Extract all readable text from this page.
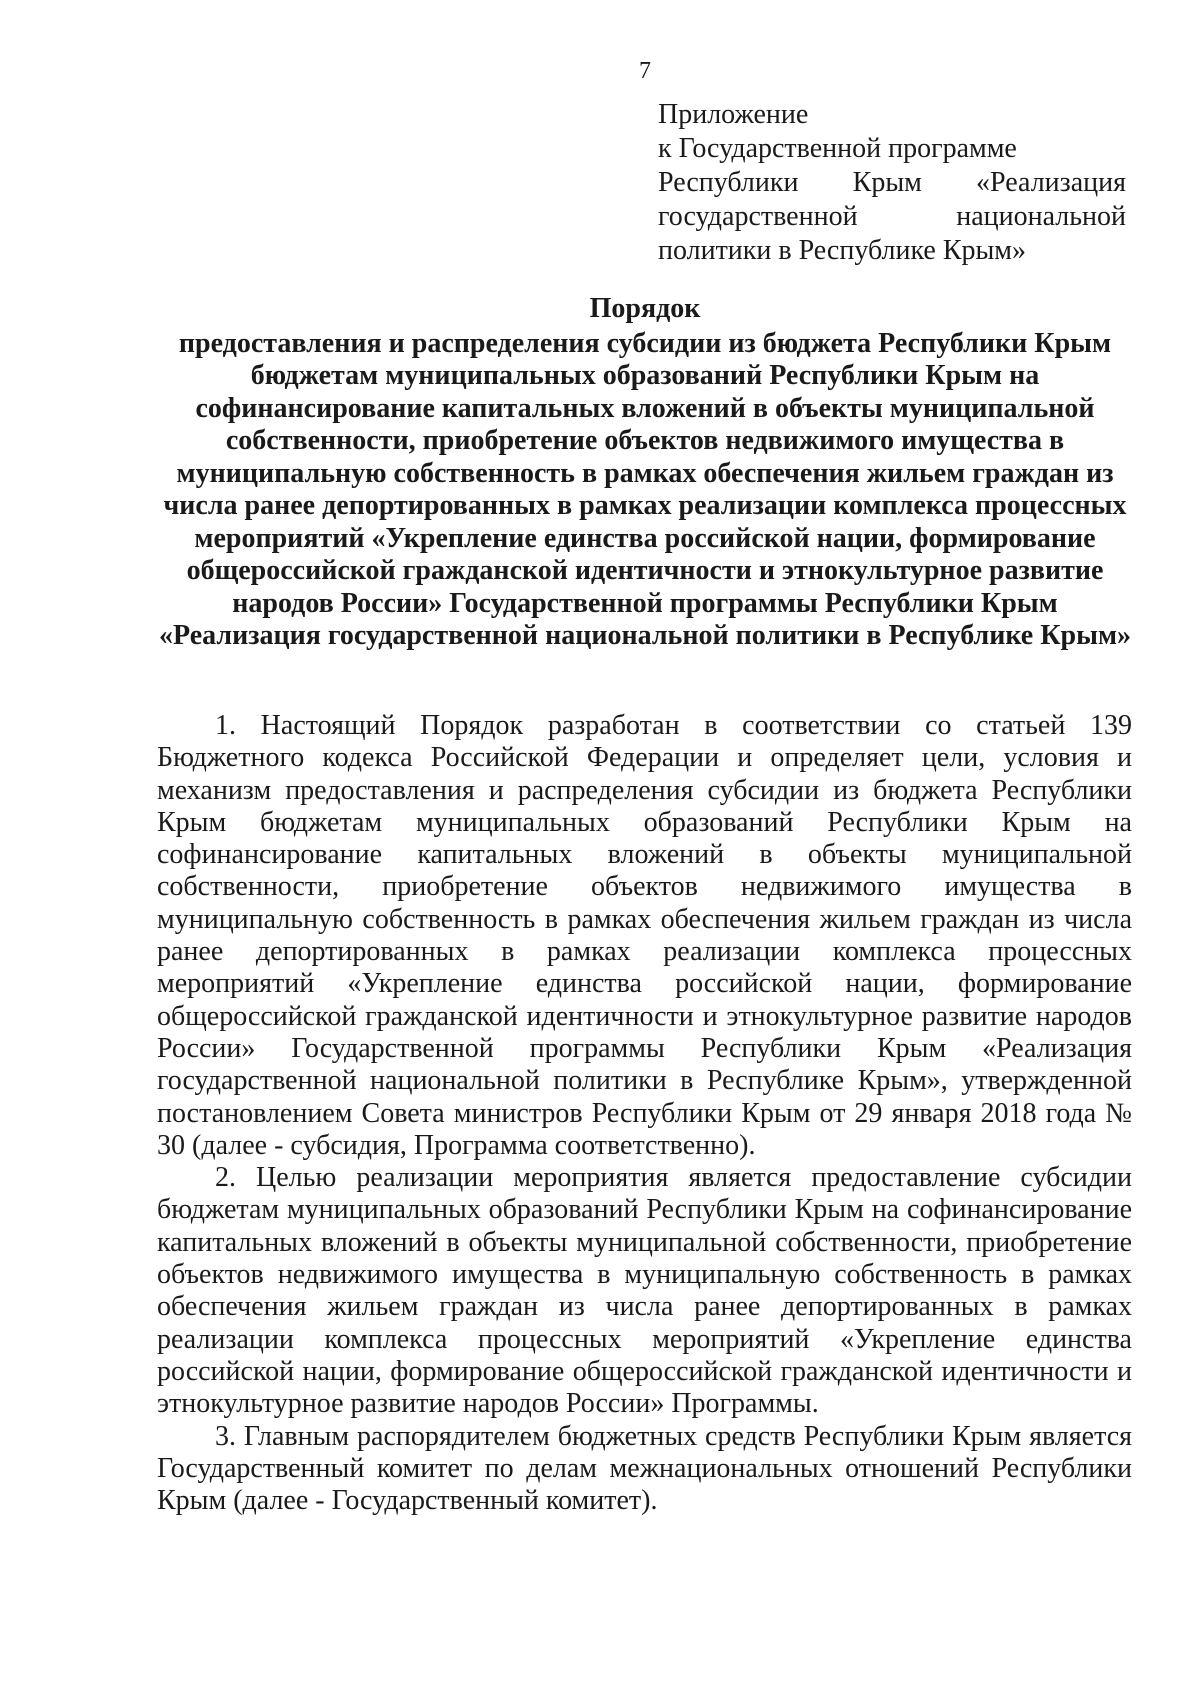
7
Приложение
к Государственной программе
Республики Крым «Реализация
государственной национальной
политики в Республике Крым»
Порядок
предоставления и распределения субсидии из бюджета Республики Крым бюджетам муниципальных образований Республики Крым на софинансирование капитальных вложений в объекты муниципальной собственности, приобретение объектов недвижимого имущества в муниципальную собственность в рамках обеспечения жильем граждан из числа ранее депортированных в рамках реализации комплекса процессных мероприятий «Укрепление единства российской нации, формирование общероссийской гражданской идентичности и этнокультурное развитие народов России» Государственной программы Республики Крым «Реализация государственной национальной политики в Республике Крым»

1. Настоящий Порядок разработан в соответствии со статьей 139 Бюджетного кодекса Российской Федерации и определяет цели, условия и механизм предоставления и распределения субсидии из бюджета Республики Крым бюджетам муниципальных образований Республики Крым на софинансирование капитальных вложений в объекты муниципальной собственности, приобретение объектов недвижимого имущества в муниципальную собственность в рамках обеспечения жильем граждан из числа ранее депортированных в рамках реализации комплекса процессных мероприятий «Укрепление единства российской нации, формирование общероссийской гражданской идентичности и этнокультурное развитие народов России» Государственной программы Республики Крым «Реализация государственной национальной политики в Республике Крым», утвержденной постановлением Совета министров Республики Крым от 29 января 2018 года № 30 (далее - субсидия, Программа соответственно).

2. Целью реализации мероприятия является предоставление субсидии бюджетам муниципальных образований Республики Крым на софинансирование капитальных вложений в объекты муниципальной собственности, приобретение объектов недвижимого имущества в муниципальную собственность в рамках обеспечения жильем граждан из числа ранее депортированных в рамках реализации комплекса процессных мероприятий «Укрепление единства российской нации, формирование общероссийской гражданской идентичности и этнокультурное развитие народов России» Программы.

3. Главным распорядителем бюджетных средств Республики Крым является Государственный комитет по делам межнациональных отношений Республики Крым (далее - Государственный комитет).
